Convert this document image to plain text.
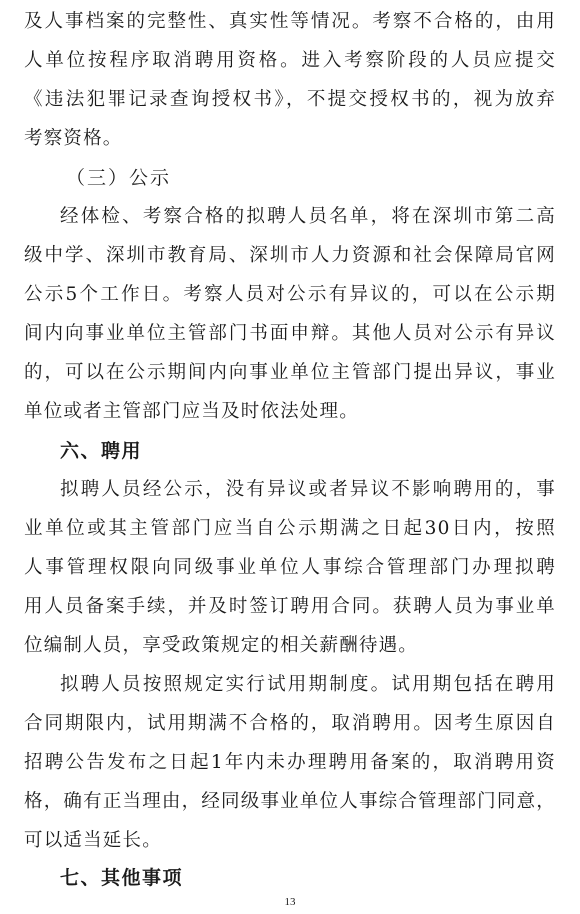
及人事档案的完整性、真实性等情况。考察不合格的，由用
人单位按程序取消聘用资格。进入考察阶段的人员应提交
《违法犯罪记录查询授权书》，不提交授权书的，视为放弃
考察资格。
（三）公示
经体检、考察合格的拟聘人员名单，将在深圳市第二高
级中学、深圳市教育局、深圳市人力资源和社会保障局官网
公示5个工作日。考察人员对公示有异议的，可以在公示期
间内向事业单位主管部门书面申辩。其他人员对公示有异议
的，可以在公示期间内向事业单位主管部门提出异议，事业
单位或者主管部门应当及时依法处理。
六、聘用
拟聘人员经公示，没有异议或者异议不影响聘用的，事
业单位或其主管部门应当自公示期满之日起30日内，按照
人事管理权限向同级事业单位人事综合管理部门办理拟聘
用人员备案手续，并及时签订聘用合同。获聘人员为事业单
位编制人员，享受政策规定的相关薪酬待遇。
拟聘人员按照规定实行试用期制度。试用期包括在聘用
合同期限内，试用期满不合格的，取消聘用。因考生原因自
招聘公告发布之日起1年内未办理聘用备案的，取消聘用资
格，确有正当理由，经同级事业单位人事综合管理部门同意，
可以适当延长。
七、其他事项
13
